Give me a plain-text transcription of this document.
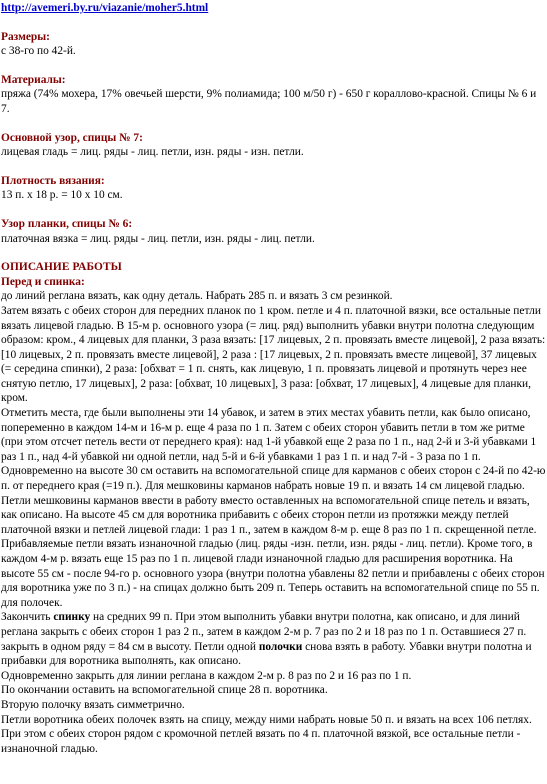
http://avemeri.by.ru/viazanie/moher5.html
Размеры:
с 38-го по 42-й.
Материалы:
пряжа (74% мохера, 17% овечьей шерсти, 9% полиамида; 100 м/50 г) - 650 г кораллово-красной. Спицы № 6 и 7.
Основной узор, спицы № 7:
лицевая гладь = лиц. ряды - лиц. петли, изн. ряды - изн. петли.
Плотность вязания:
13 п. x 18 р. = 10 x 10 см.
Узор планки, спицы № 6:
платочная вязка = лиц. ряды - лиц. петли, изн. ряды - лиц. петли.
ОПИСАНИЕ РАБОТЫ
Перед и спинка:
до линий реглана вязать, как одну деталь. Набрать 285 п. и вязать 3 см резинкой.
Затем вязать с обеих сторон для передних планок по 1 кром. петле и 4 п. платочной вязки, все остальные петли вязать лицевой гладью. В 15-м р. основного узора (= лиц. ряд) выполнить убавки внутри полотна следующим образом: кром., 4 лицевых для планки, 3 раза вязать: [17 лицевых, 2 п. провязать вместе лицевой], 2 раза вязать: [10 лицевых, 2 п. провязать вместе лицевой], 2 раза : [17 лицевых, 2 п. провязать вместе лицевой], 37 лицевых (= середина спинки), 2 раза: [обхват = 1 п. снять, как лицевую, 1 п. провязать лицевой и протянуть через нее снятую петлю, 17 лицевых], 2 раза: [обхват, 10 лицевых], 3 раза: [обхват, 17 лицевых], 4 лицевые для планки, кром.
Отметить места, где были выполнены эти 14 убавок, и затем в этих местах убавить петли, как было описано, попеременно в каждом 14-м и 16-м р. еще 4 раза по 1 п. Затем с обеих сторон убавить петли в том же ритме (при этом отсчет петель вести от переднего края): над 1-й убавкой еще 2 раза по 1 п., над 2-й и 3-й убавками 1 раз 1 п., над 4-й убавкой ни одной петли, над 5-й и 6-й убавками 1 раз 1 п. и над 7-й - 3 раза по 1 п. Одновременно на высоте 30 см оставить на вспомогательной спице для карманов с обеих сторон с 24-й по 42-ю п. от переднего края (=19 п.). Для мешковины карманов набрать новые 19 п. и вязать 14 см лицевой гладью.
Петли мешковины карманов ввести в работу вместо оставленных на вспомогательной спице петель и вязать, как описано. На высоте 45 см для воротника прибавить с обеих сторон петли из протяжки между петлей платочной вязки и петлей лицевой глади: 1 раз 1 п., затем в каждом 8-м р. еще 8 раз по 1 п. скрещенной петле. Прибавляемые петли вязать изнаночной гладью (лиц. ряды -изн. петли, изн. ряды - лиц. петли). Кроме того, в каждом 4-м р. вязать еще 15 раз по 1 п. лицевой глади изнаночной гладью для расширения воротника. На высоте 55 см - после 94-го р. основного узора (внутри полотна убавлены 82 петли и прибавлены с обеих сторон для воротника уже по 3 п.) - на спицах должно быть 209 п. Теперь оставить на вспомогательной спице по 55 п. для полочек.
Закончить спинку на средних 99 п. При этом выполнить убавки внутри полотна, как описано, и для линий реглана закрыть с обеих сторон 1 раз 2 п., затем в каждом 2-м р. 7 раз по 2 и 18 раз по 1 п. Оставшиеся 27 п. закрыть в одном ряду = 84 см в высоту. Петли одной полочки снова взять в работу. Убавки внутри полотна и прибавки для воротника выполнять, как описано.
Одновременно закрыть для линии реглана в каждом 2-м р. 8 раз по 2 и 16 раз по 1 п.
По окончании оставить на вспомогательной спице 28 п. воротника.
Вторую полочку вязать симметрично.
Петли воротника обеих полочек взять на спицу, между ними набрать новые 50 п. и вязать на всех 106 петлях. При этом с обеих сторон рядом с кромочной петлей вязать по 4 п. платочной вязкой, все остальные петли - изнаночной гладью.
